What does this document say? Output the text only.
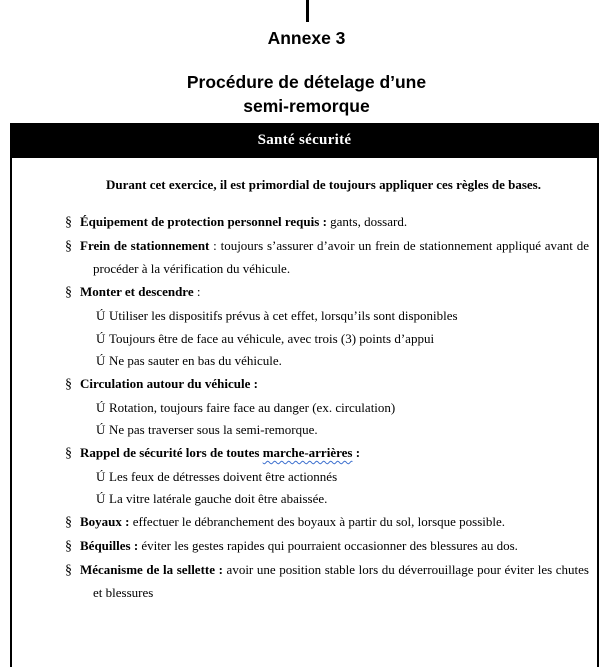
Annexe 3
Procédure de dételage d’une
semi-remorque
Santé sécurité
Durant cet exercice, il est primordial de toujours appliquer ces règles de bases.
§ Équipement de protection personnel requis : gants, dossard.
§ Frein de stationnement : toujours s’assurer d’avoir un frein de stationnement appliqué avant de procéder à la vérification du véhicule.
§ Monter et descendre :
Ú Utiliser les dispositifs prévus à cet effet, lorsqu’ils sont disponibles
Ú Toujours être de face au véhicule, avec trois (3) points d’appui
Ú Ne pas sauter en bas du véhicule.
§ Circulation autour du véhicule :
Ú Rotation, toujours faire face au danger (ex. circulation)
Ú Ne pas traverser sous la semi-remorque.
§ Rappel de sécurité lors de toutes marche-arrières :
Ú Les feux de détresses doivent être actionnés
Ú La vitre latérale gauche doit être abaissée.
§ Boyaux : effectuer le débranchement des boyaux à partir du sol, lorsque possible.
§ Béquilles : éviter les gestes rapides qui pourraient occasionner des blessures au dos.
§ Mécanisme de la sellette : avoir une position stable lors du déverrouillage pour éviter les chutes et blessures
